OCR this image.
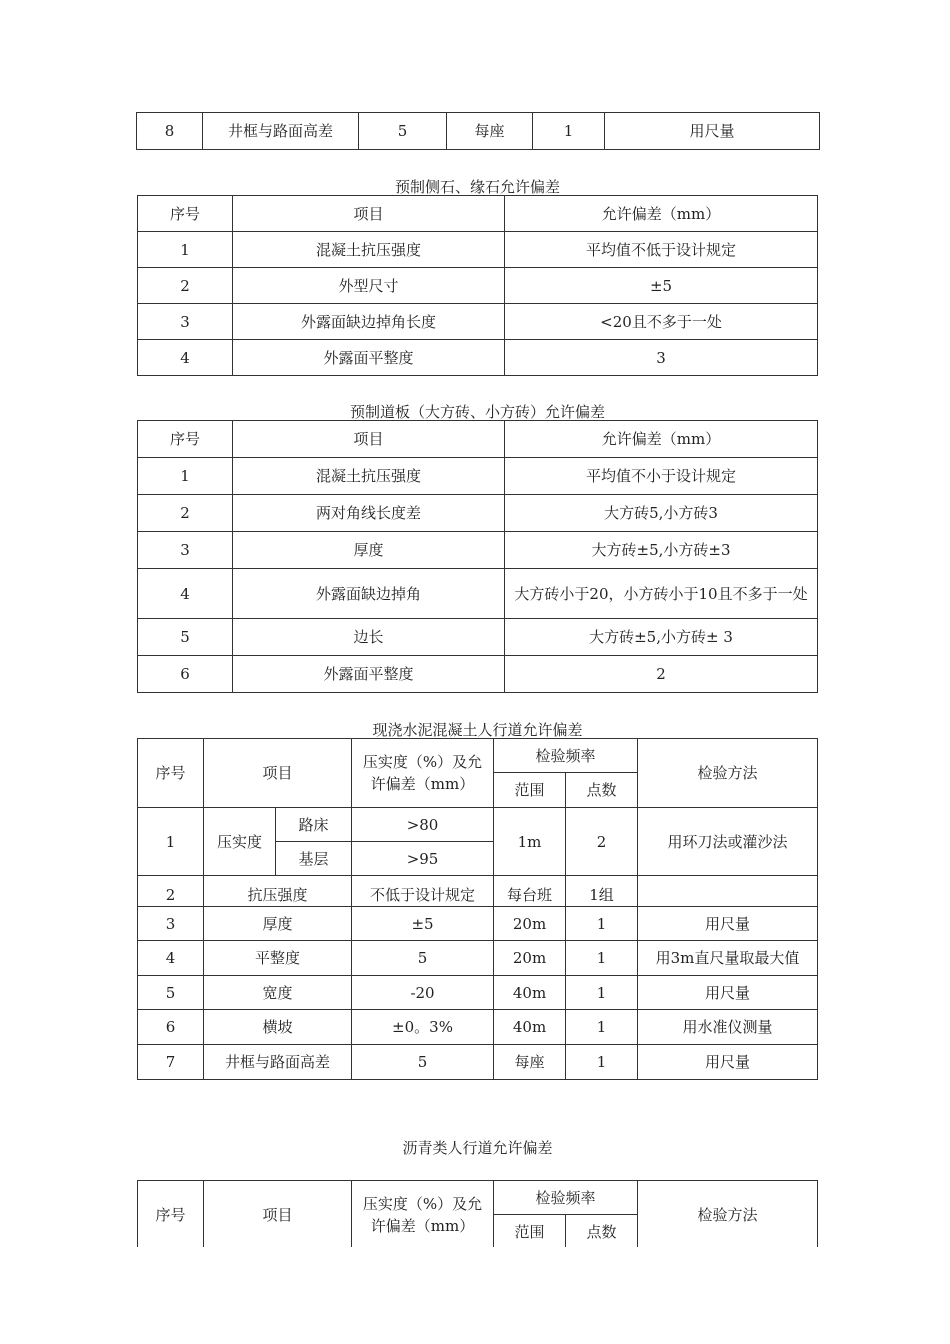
8	井框与路面高差	5	每座	1	用尺量
预制侧石、缘石允许偏差
序号	项目	允许偏差（mm）
1	混凝土抗压强度	平均值不低于设计规定
2	外型尺寸	±5
3	外露面缺边掉角长度	<20且不多于一处
4	外露面平整度	3
预制道板（大方砖、小方砖）允许偏差
序号	项目	允许偏差（mm）
1	混凝土抗压强度	平均值不小于设计规定
2	两对角线长度差	大方砖5,小方砖3
3	厚度	大方砖±5,小方砖±3
4	外露面缺边掉角	大方砖小于20，小方砖小于10且不多于一处
5	边长	大方砖±5,小方砖± 3
6	外露面平整度	2
现浇水泥混凝土人行道允许偏差
序号	项目		压实度（%）及允许偏差（mm）	检验频率		检验方法
				范围	点数	
1	压实度	路床	>80	1m	2	用环刀法或灌沙法
		基层	>95			

2	抗压强度		不低于设计规定	每台班	1组	
3	厚度		±5	20m	1	用尺量
4	平整度		5	20m	1	用3m直尺量取最大值
5	宽度		-20	40m	1	用尺量
6	横坡		±0。3%	40m	1	用水准仪测量
7	井框与路面高差		5	每座	1	用尺量
沥青类人行道允许偏差
序号	项目	压实度（%）及允许偏差（mm）	检验频率		检验方法
			范围	点数	
